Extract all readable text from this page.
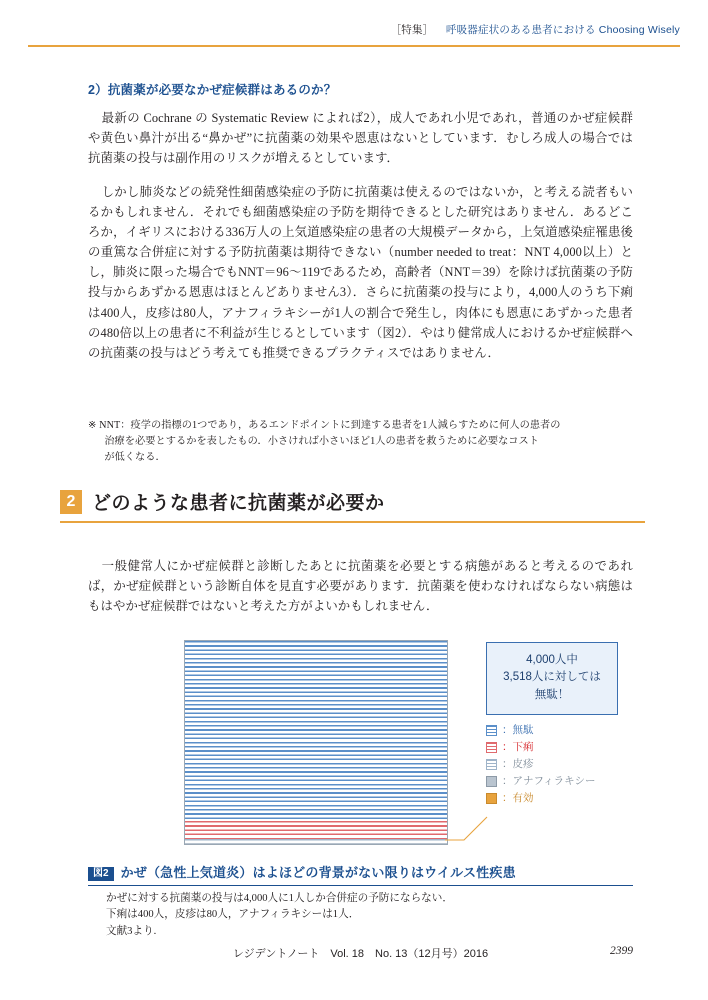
［特集］ 呼吸器症状のある患者における Choosing Wisely
2）抗菌薬が必要なかぜ症候群はあるのか？

最新の Cochrane の Systematic Review によれば2），成人であれ小児であれ，普通のかぜ症候群や黄色い鼻汁が出る“鼻かぜ”に抗菌薬の効果や恩恵はないとしています．むしろ成人の場合では抗菌薬の投与は副作用のリスクが増えるとしています．

しかし肺炎などの続発性細菌感染症の予防に抗菌薬は使えるのではないか，と考える読者もいるかもしれません．それでも細菌感染症の予防を期待できるとした研究はありません．あるどころか，イギリスにおける336万人の上気道感染症の患者の大規模データから，上気道感染症罹患後の重篤な合併症に対する予防抗菌薬は期待できない（number needed to treat：NNT 4,000以上）とし，肺炎に限った場合でもNNT＝96〜119であるため，高齢者（NNT＝39）を除けば抗菌薬の予防投与からあずかる恩恵はほとんどありません3）．さらに抗菌薬の投与により，4,000人のうち下痢は400人，皮疹は80人，アナフィラキシーが1人の割合で発生し，肉体にも恩恵にあずかった患者の480倍以上の患者に不利益が生じるとしています（図2）．やはり健常成人におけるかぜ症候群への抗菌薬の投与はどう考えても推奨できるプラクティスではありません．

※ NNT：疫学の指標の1つであり，あるエンドポイントに到達する患者を1人減らすために何人の患者の
治療を必要とするかを表したもの．小さければ小さいほど1人の患者を救うために必要なコスト
が低くなる．

2 どのような患者に抗菌薬が必要か

一般健常人にかぜ症候群と診断したあとに抗菌薬を必要とする病態があると考えるのであれば，かぜ症候群という診断自体を見直す必要があります．抗菌薬を使わなければならない病態はもはやかぜ症候群ではないと考えた方がよいかもしれません．

4,000人中
3,518人に対しては
無駄！
：無駄
：下痢
：皮疹
：アナフィラキシー
：有効
図2 かぜ（急性上気道炎）はよほどの背景がない限りはウイルス性疾患
かぜに対する抗菌薬の投与は4,000人に1人しか合併症の予防にならない．
下痢は400人，皮疹は80人，アナフィラキシーは1人．
文献3より.
レジデントノート　Vol. 18　No. 13（12月号）2016	2399
